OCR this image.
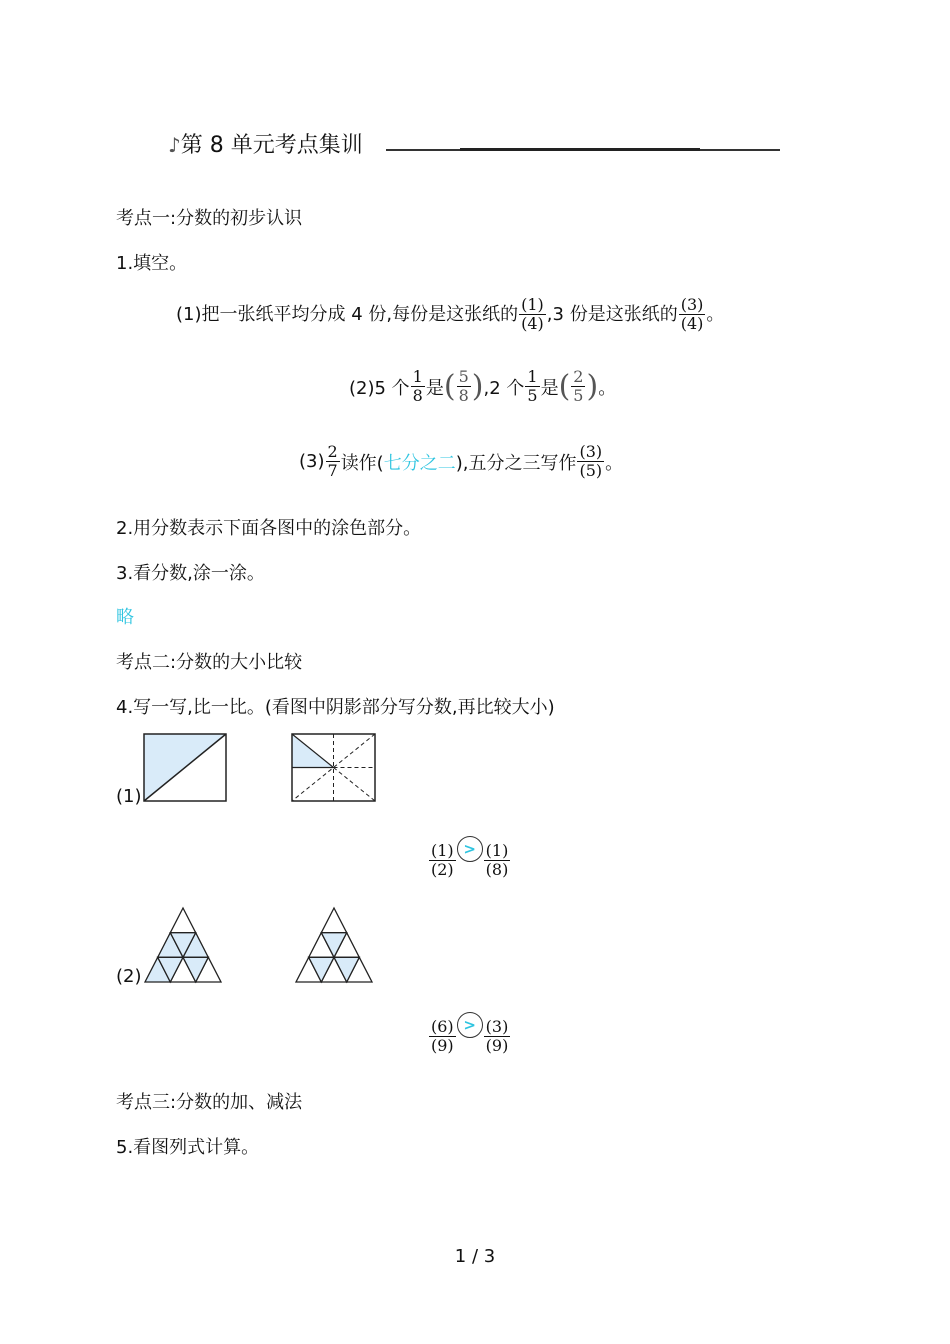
♪第 8 单元考点集训
考点一:分数的初步认识
1.填空。
(1)把一张纸平均分成 4 份,每份是这张纸的 $\frac{(1)}{(4)} ,3$ 份是这张纸的 $\frac{(3)}{(4)}$ 。
(2)5 个 $\frac{1}{8}$ 是 ( $\frac{5}{8}$ ) ,2 个 $\frac{1}{5}$ 是 ( $\frac{2}{5}$ ) 。
$(3) \frac{2}{7}$ 读作( 七分之二 ),五分之三写作 $\frac{(3)}{(5)}$ 。
2.用分数表示下面各图中的涂色部分。
3.看分数,涂一涂。
略
考点二:分数的大小比较
4.写一写,比一比。(看图中阴影部分写分数,再比较大小)
(1)
$\frac{(1)}{(2)} > \frac{(1)}{(8)}$
(2)
$\frac{(6)}{(9)} > \frac{(3)}{(9)}$
考点三:分数的加、减法
5.看图列式计算。
1 / 3
